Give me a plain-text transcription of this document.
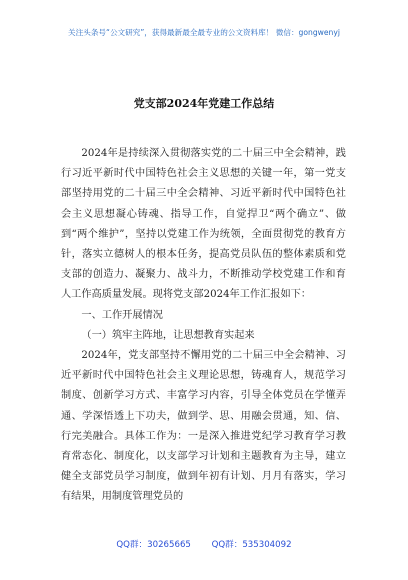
关注头条号“公文研究”，获得最新最全最专业的公文资料库！ 微信：gongwenyj
党支部2024年党建工作总结

2024年是持续深入贯彻落实党的二十届三中全会精神，践行习近平新时代中国特色社会主义思想的关键一年，第一党支部坚持用党的二十届三中全会精神、习近平新时代中国特色社会主义思想凝心铸魂、指导工作，自觉捍卫“两个确立”、做到“两个维护”，坚持以党建工作为统领，全面贯彻党的教育方针，落实立德树人的根本任务，提高党员队伍的整体素质和党支部的创造力、凝聚力、战斗力，不断推动学校党建工作和育人工作高质量发展。现将党支部2024年工作汇报如下：

一、工作开展情况

（一）筑牢主阵地，让思想教育实起来

2024年，党支部坚持不懈用党的二十届三中全会精神、习近平新时代中国特色社会主义理论思想，铸魂育人，规范学习制度、创新学习方式、丰富学习内容，引导全体党员在学懂弄通、学深悟透上下功夫，做到学、思、用融会贯通，知、信、行完美融合。具体工作为：一是深入推进党纪学习教育学习教育常态化、制度化，以支部学习计划和主题教育为主导，建立健全支部党员学习制度，做到年初有计划、月月有落实，学习有结果，用制度管理党员的

QQ群：30265665 QQ群：535304092
